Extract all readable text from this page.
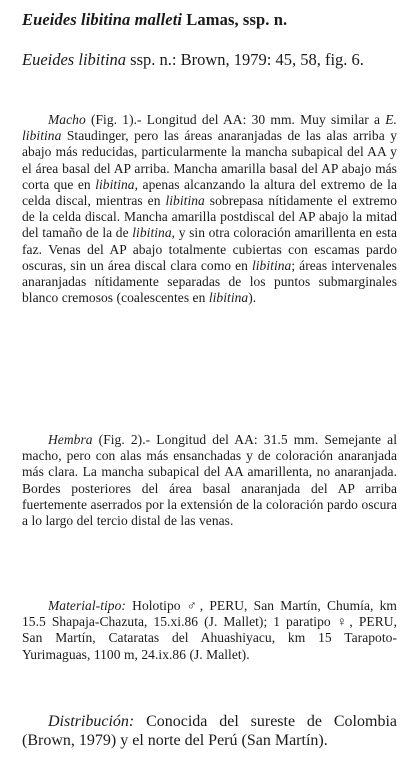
Eueides libitina malleti Lamas, ssp. n.
Eueides libitina ssp. n.: Brown, 1979: 45, 58, fig. 6.

Macho (Fig. 1).- Longitud del AA: 30 mm. Muy similar a E. libitina Staudinger, pero las áreas anaranjadas de las alas arriba y abajo más reducidas, particularmente la mancha subapical del AA y el área basal del AP arriba. Mancha amarilla basal del AP abajo más corta que en libitina, apenas alcanzando la altura del extremo de la celda discal, mientras en libitina sobrepasa nítidamente el extremo de la celda discal. Mancha amarilla postdiscal del AP abajo la mitad del tamaño de la de libitina, y sin otra coloración amarillenta en esta faz. Venas del AP abajo totalmente cubiertas con escamas pardo oscuras, sin un área discal clara como en libitina; áreas intervenales anaranjadas nítidamente separadas de los puntos submarginales blanco cremosos (coalescentes en libitina).

Hembra (Fig. 2).- Longitud del AA: 31.5 mm. Semejante al macho, pero con alas más ensanchadas y de coloración anaranjada más clara. La mancha subapical del AA amarillenta, no anaranjada. Bordes posteriores del área basal anaranjada del AP arriba fuertemente aserrados por la extensión de la coloración pardo oscura a lo largo del tercio distal de las venas.

Material-tipo: Holotipo ♂, PERU, San Martín, Chumía, km 15.5 Shapaja-Chazuta, 15.xi.86 (J. Mallet); 1 paratipo ♀, PERU, San Martín, Cataratas del Ahuashiyacu, km 15 Tarapoto-Yurimaguas, 1100 m, 24.ix.86 (J. Mallet).

Distribución: Conocida del sureste de Colombia (Brown, 1979) y el norte del Perú (San Martín).
